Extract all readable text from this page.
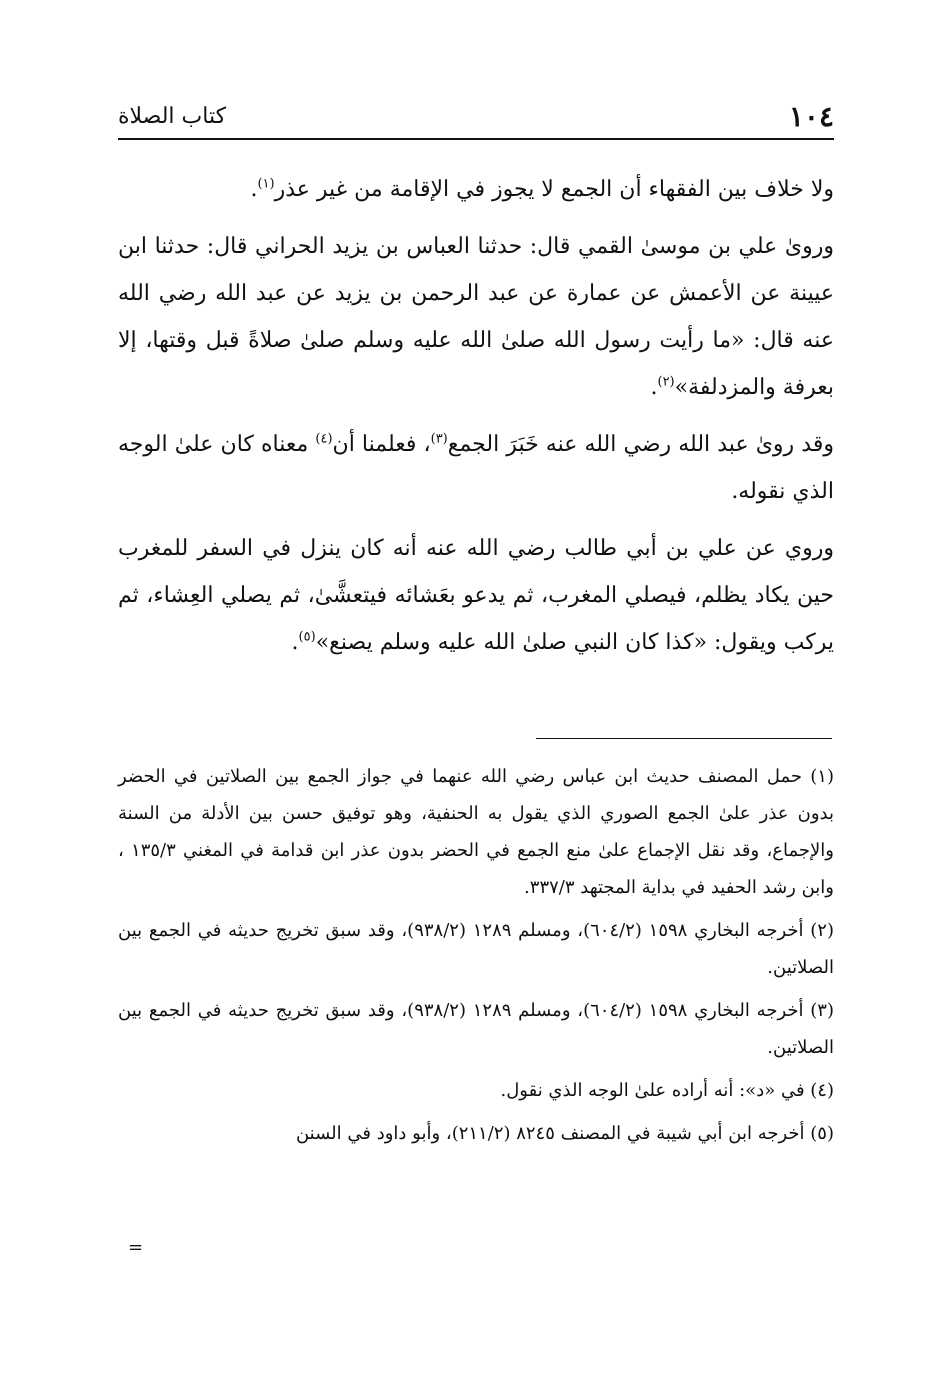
١٠٤
كتاب الصلاة

ولا خلاف بين الفقهاء أن الجمع لا يجوز في الإقامة من غير عذر$^{(١)}$.

وروىٰ علي بن موسىٰ القمي قال: حدثنا العباس بن يزيد الحراني قال: حدثنا ابن عيينة عن الأعمش عن عمارة عن عبد الرحمن بن يزيد عن عبد الله رضي الله عنه قال: «ما رأيت رسول الله صلىٰ الله عليه وسلم صلىٰ صلاةً قبل وقتها، إلا بعرفة والمزدلفة»$^{(٢)}$.

وقد روىٰ عبد الله رضي الله عنه خَبَرَ الجمع$^{(٣)}$، فعلمنا أن$^{(٤)}$ معناه كان علىٰ الوجه الذي نقوله.

وروي عن علي بن أبي طالب رضي الله عنه أنه كان ينزل في السفر للمغرب حين يكاد يظلم، فيصلي المغرب، ثم يدعو بعَشائه فيتعشَّىٰ، ثم يصلي العِشاء، ثم يركب ويقول: «كذا كان النبي صلىٰ الله عليه وسلم يصنع»$^{(٥)}$.

(١) حمل المصنف حديث ابن عباس رضي الله عنهما في جواز الجمع بين الصلاتين في الحضر بدون عذر علىٰ الجمع الصوري الذي يقول به الحنفية، وهو توفيق حسن بين الأدلة من السنة والإجماع، وقد نقل الإجماع علىٰ منع الجمع في الحضر بدون عذر ابن قدامة في المغني ١٣٥/٣ ، وابن رشد الحفيد في بداية المجتهد ٣٣٧/٣.

(٢) أخرجه البخاري ١٥٩٨ (٦٠٤/٢)، ومسلم ١٢٨٩ (٩٣٨/٢)، وقد سبق تخريج حديثه في الجمع بين الصلاتين.

(٣) أخرجه البخاري ١٥٩٨ (٦٠٤/٢)، ومسلم ١٢٨٩ (٩٣٨/٢)، وقد سبق تخريج حديثه في الجمع بين الصلاتين.

(٤) في «د»: أنه أراده علىٰ الوجه الذي نقول.

(٥) أخرجه ابن أبي شيبة في المصنف ٨٢٤٥ (٢١١/٢)، وأبو داود في السنن

=
